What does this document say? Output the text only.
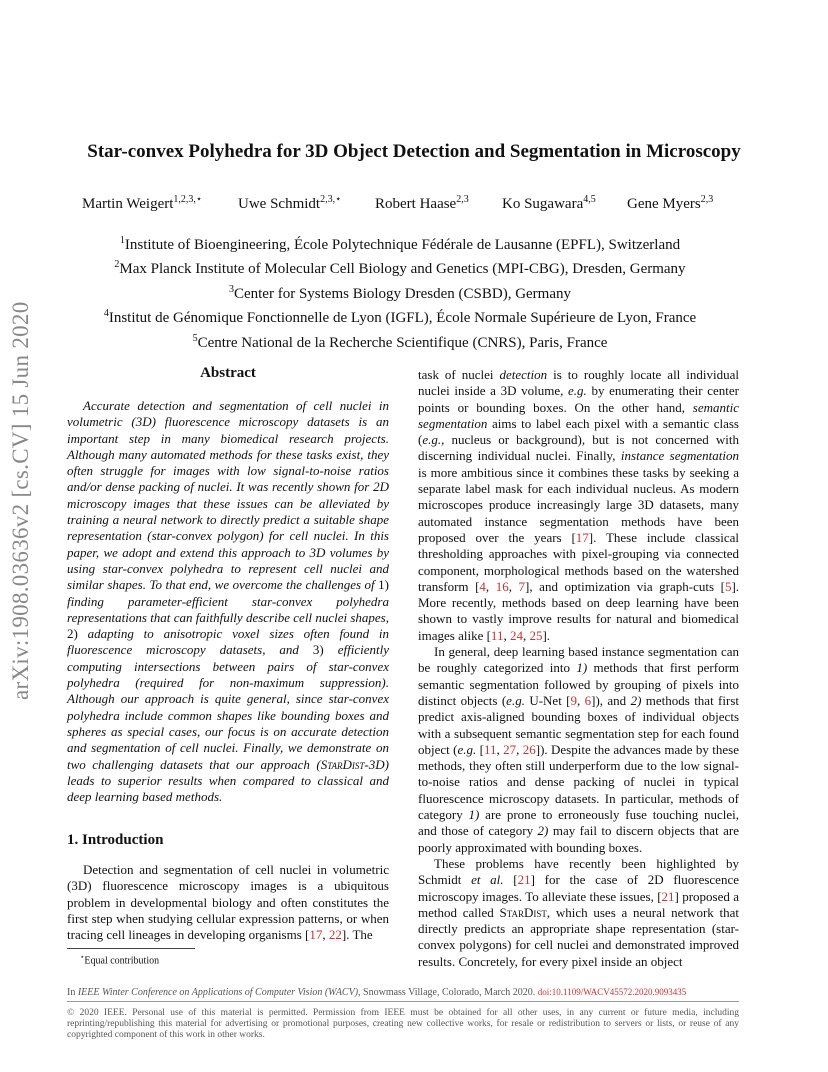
arXiv:1908.03636v2 [cs.CV] 15 Jun 2020
Star-convex Polyhedra for 3D Object Detection and Segmentation in Microscopy
Martin Weigert$^{1,2,3,⋆}$ Uwe Schmidt$^{2,3,⋆}$ Robert Haase$^{2,3}$ Ko Sugawara$^{4,5}$ Gene Myers$^{2,3}$
$^1$Institute of Bioengineering, École Polytechnique Fédérale de Lausanne (EPFL), Switzerland
$^2$Max Planck Institute of Molecular Cell Biology and Genetics (MPI-CBG), Dresden, Germany
$^3$Center for Systems Biology Dresden (CSBD), Germany
$^4$Institut de Génomique Fonctionnelle de Lyon (IGFL), École Normale Supérieure de Lyon, France
$^5$Centre National de la Recherche Scientifique (CNRS), Paris, France
Abstract
Accurate detection and segmentation of cell nuclei in volumetric (3D) fluorescence microscopy datasets is an important step in many biomedical research projects. Although many automated methods for these tasks exist, they often struggle for images with low signal-to-noise ratios and/or dense packing of nuclei. It was recently shown for 2D microscopy images that these issues can be alleviated by training a neural network to directly predict a suitable shape representation (star-convex polygon) for cell nuclei. In this paper, we adopt and extend this approach to 3D volumes by using star-convex polyhedra to represent cell nuclei and similar shapes. To that end, we overcome the challenges of 1) finding parameter-efficient star-convex polyhedra representations that can faithfully describe cell nuclei shapes, 2) adapting to anisotropic voxel sizes often found in fluorescence microscopy datasets, and 3) efficiently computing intersections between pairs of star-convex polyhedra (required for non-maximum suppression). Although our approach is quite general, since star-convex polyhedra include common shapes like bounding boxes and spheres as special cases, our focus is on accurate detection and segmentation of cell nuclei. Finally, we demonstrate on two challenging datasets that our approach (StarDist-3D) leads to superior results when compared to classical and deep learning based methods.
1. Introduction
Detection and segmentation of cell nuclei in volumetric (3D) fluorescence microscopy images is a ubiquitous problem in developmental biology and often constitutes the first step when studying cellular expression patterns, or when tracing cell lineages in developing organisms [17, 22]. The
⋆Equal contribution

task of nuclei detection is to roughly locate all individual nuclei inside a 3D volume, e.g. by enumerating their center points or bounding boxes. On the other hand, semantic segmentation aims to label each pixel with a semantic class (e.g., nucleus or background), but is not concerned with discerning individual nuclei. Finally, instance segmentation is more ambitious since it combines these tasks by seeking a separate label mask for each individual nucleus. As modern microscopes produce increasingly large 3D datasets, many automated instance segmentation methods have been proposed over the years [17]. These include classical thresholding approaches with pixel-grouping via connected component, morphological methods based on the watershed transform [4, 16, 7], and optimization via graph-cuts [5]. More recently, methods based on deep learning have been shown to vastly improve results for natural and biomedical images alike [11, 24, 25].

In general, deep learning based instance segmentation can be roughly categorized into 1) methods that first perform semantic segmentation followed by grouping of pixels into distinct objects (e.g. U-Net [9, 6]), and 2) methods that first predict axis-aligned bounding boxes of individual objects with a subsequent semantic segmentation step for each found object (e.g. [11, 27, 26]). Despite the advances made by these methods, they often still underperform due to the low signal-to-noise ratios and dense packing of nuclei in typical fluorescence microscopy datasets. In particular, methods of category 1) are prone to erroneously fuse touching nuclei, and those of category 2) may fail to discern objects that are poorly approximated with bounding boxes.

These problems have recently been highlighted by Schmidt et al. [21] for the case of 2D fluorescence microscopy images. To alleviate these issues, [21] proposed a method called StarDist, which uses a neural network that directly predicts an appropriate shape representation (star-convex polygons) for cell nuclei and demonstrated improved results. Concretely, for every pixel inside an object

In IEEE Winter Conference on Applications of Computer Vision (WACV), Snowmass Village, Colorado, March 2020. doi:10.1109/WACV45572.2020.9093435
© 2020 IEEE. Personal use of this material is permitted. Permission from IEEE must be obtained for all other uses, in any current or future media, including reprinting/republishing this material for advertising or promotional purposes, creating new collective works, for resale or redistribution to servers or lists, or reuse of any copyrighted component of this work in other works.
